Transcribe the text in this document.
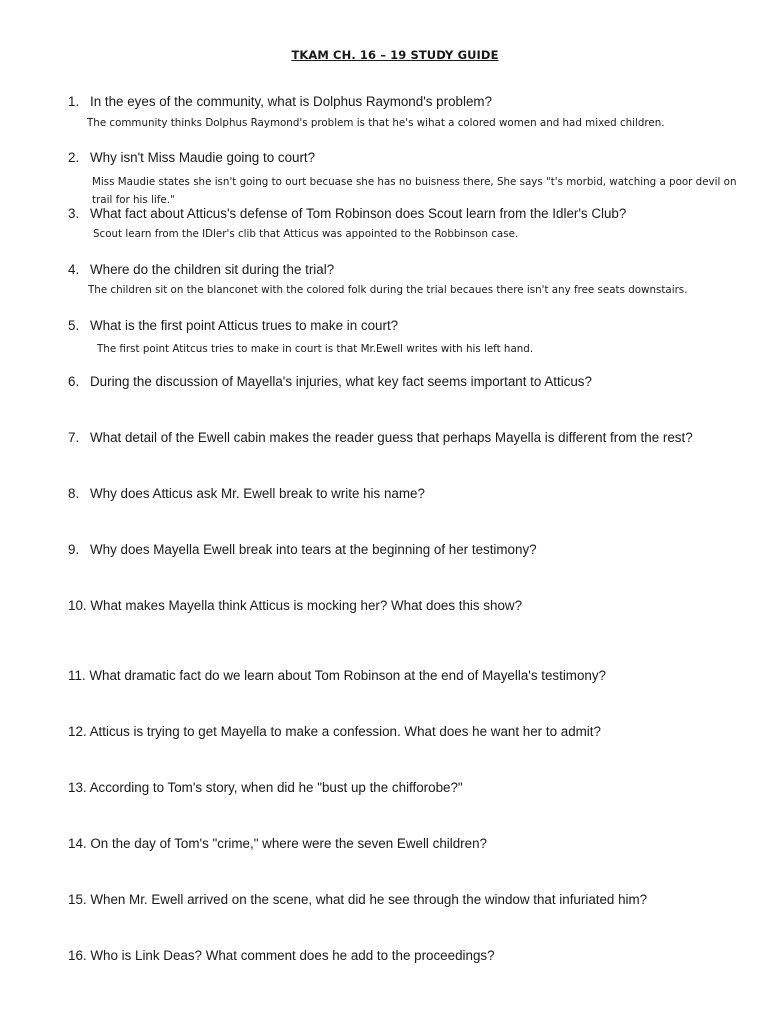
TKAM CH. 16 – 19 STUDY GUIDE
1. In the eyes of the community, what is Dolphus Raymond's problem?
The community thinks Dolphus Raymond's problem is that he's wihat a colored women and had mixed children.
2. Why isn't Miss Maudie going to court?
Miss Maudie states she isn't going to ourt becuase she has no buisness there, She says "t's morbid, watching a poor devil on trail for his life."
3. What fact about Atticus's defense of Tom Robinson does Scout learn from the Idler's Club?
Scout learn from the IDler's clib that Atticus was appointed to the Robbinson case.
4. Where do the children sit during the trial?
The children sit on the blanconet with the colored folk during the trial becaues there isn't any free seats downstairs.
5. What is the first point Atticus trues to make in court?
The first point Atitcus tries to make in court is that Mr.Ewell writes with his left hand.
6. During the discussion of Mayella's injuries, what key fact seems important to Atticus?
7. What detail of the Ewell cabin makes the reader guess that perhaps Mayella is different from the rest?
8. Why does Atticus ask Mr. Ewell break to write his name?
9. Why does Mayella Ewell break into tears at the beginning of her testimony?
10. What makes Mayella think Atticus is mocking her? What does this show?
11. What dramatic fact do we learn about Tom Robinson at the end of Mayella's testimony?
12. Atticus is trying to get Mayella to make a confession. What does he want her to admit?
13. According to Tom's story, when did he "bust up the chifforobe?"
14. On the day of Tom's "crime," where were the seven Ewell children?
15. When Mr. Ewell arrived on the scene, what did he see through the window that infuriated him?
16. Who is Link Deas? What comment does he add to the proceedings?
